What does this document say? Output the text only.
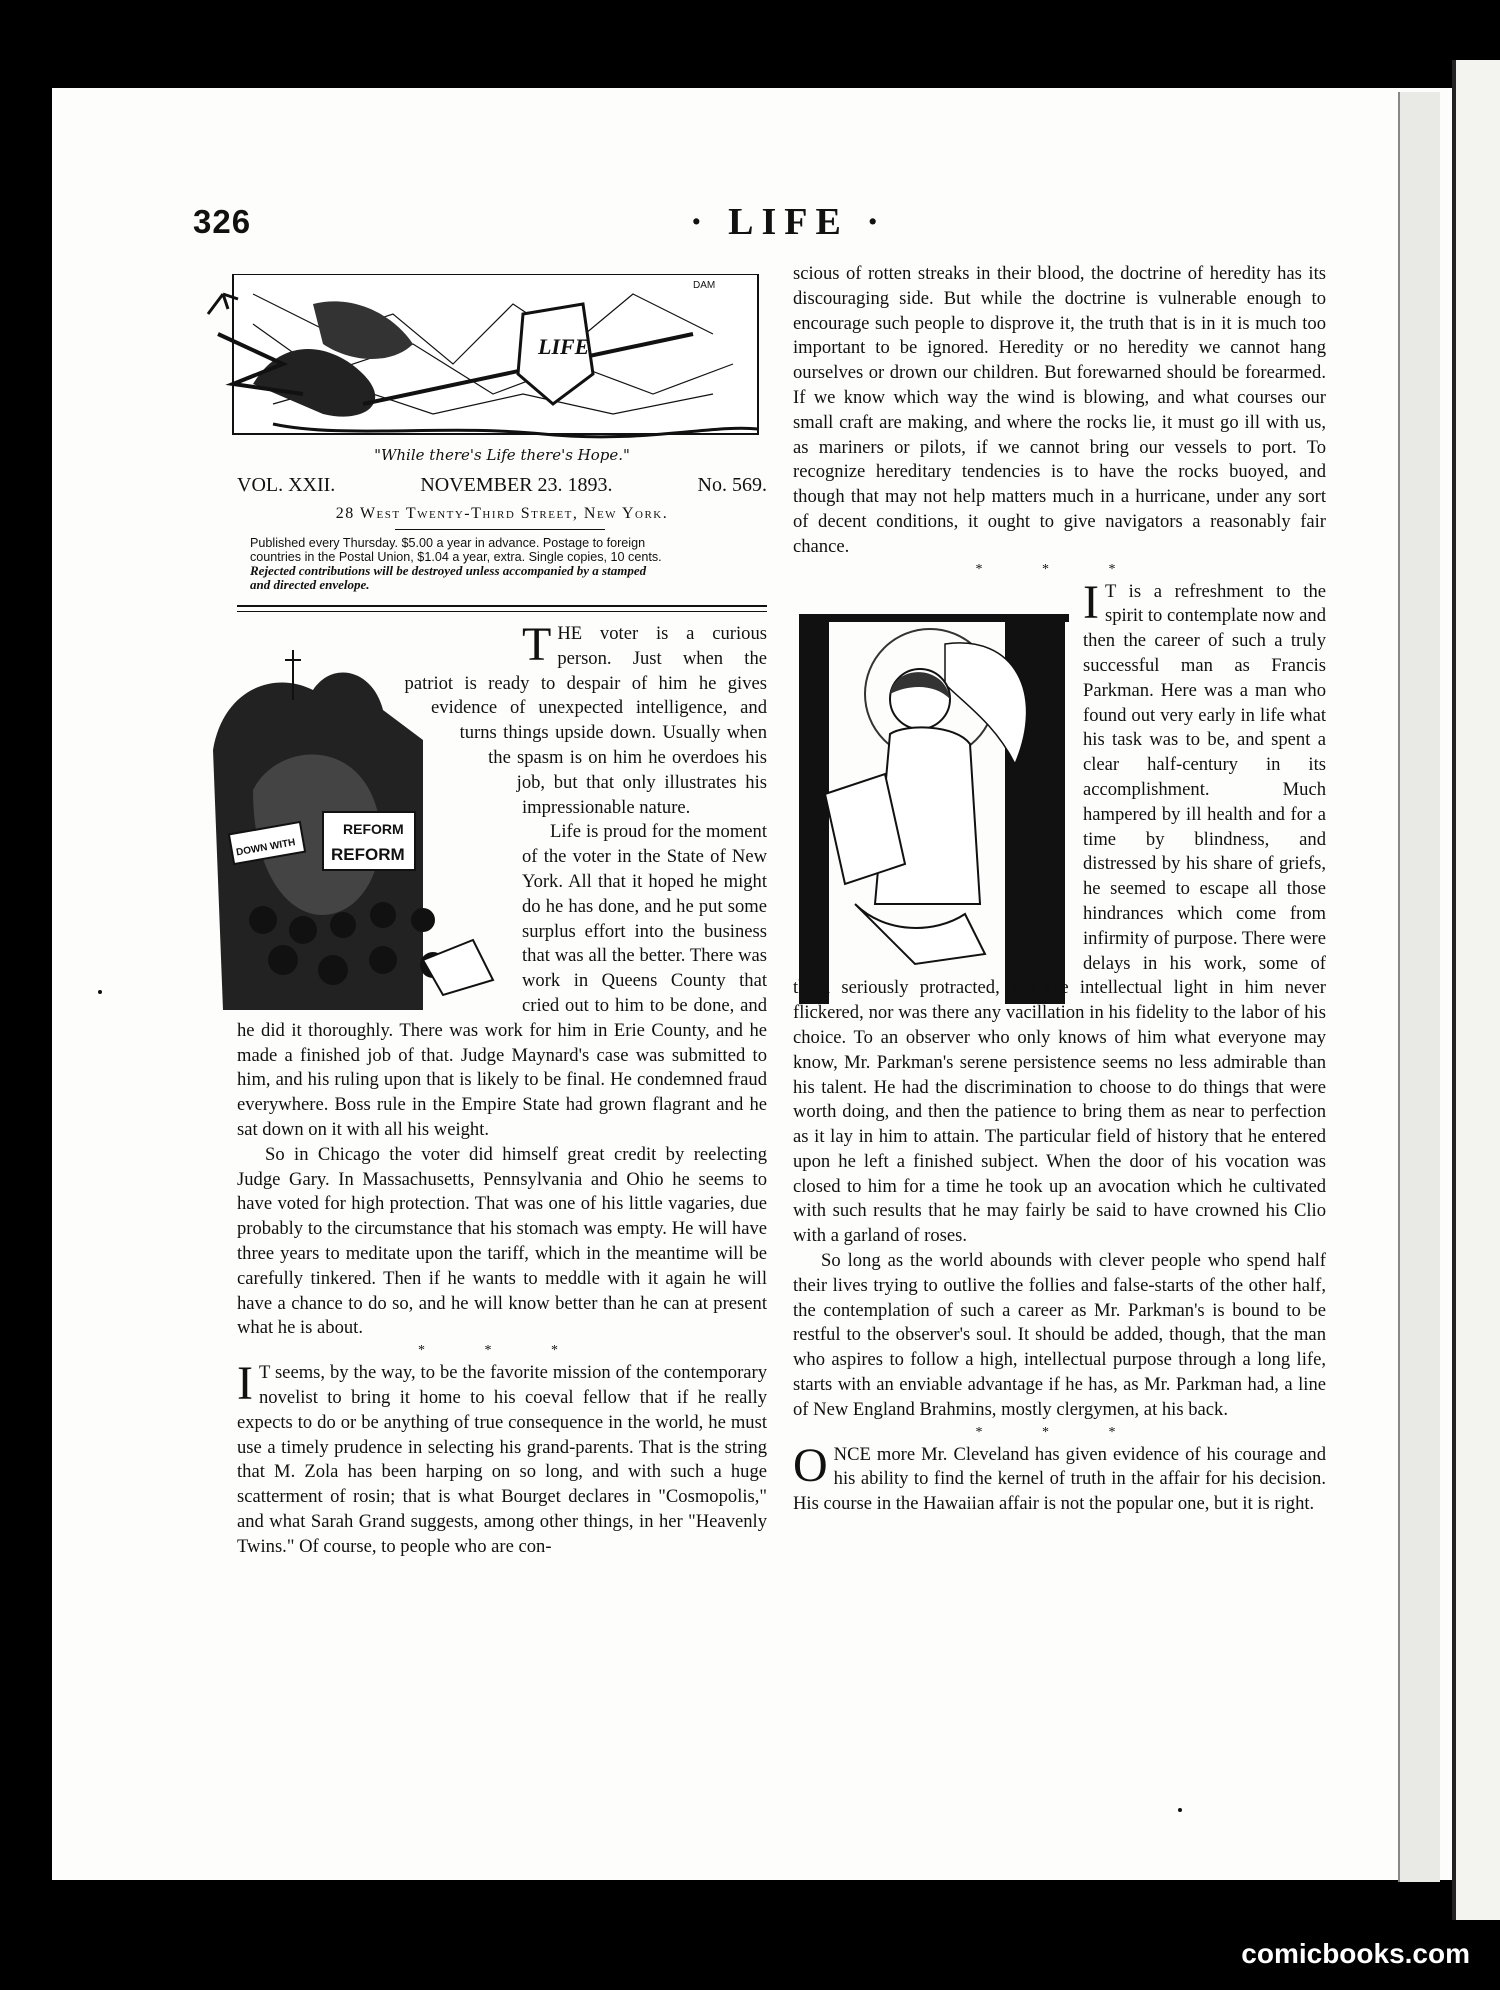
326	· LIFE ·
LIFE
DAM
"While there's Life there's Hope."
VOL. XXII.	NOVEMBER 23. 1893.	No. 569.
28 West Twenty-Third Street, New York.
Published every Thursday. $5.00 a year in advance. Postage to foreign
countries in the Postal Union, $1.04 a year, extra. Single copies, 10 cents.
Rejected contributions will be destroyed unless accompanied by a stamped
and directed envelope.
DOWN WITH
REFORM
REFORM

T HE voter is a curious person. Just when the patriot is ready to despair of him he gives evidence of unexpected intelligence, and turns things upside down. Usually when the spasm is on him he overdoes his job, but that only illustrates his impressionable nature.

Life is proud for the moment of the voter in the State of New York. All that it hoped he might do he has done, and he put some surplus effort into the business that was all the better. There was work in Queens County that cried out to him to be done, and he did it thoroughly. There was work for him in Erie County, and he made a finished job of that. Judge Maynard's case was submitted to him, and his ruling upon that is likely to be final. He condemned fraud everywhere. Boss rule in the Empire State had grown flagrant and he sat down on it with all his weight.

So in Chicago the voter did himself great credit by reelecting Judge Gary. In Massachusetts, Pennsylvania and Ohio he seems to have voted for high protection. That was one of his little vagaries, due probably to the circumstance that his stomach was empty. He will have three years to meditate upon the tariff, which in the meantime will be carefully tinkered. Then if he wants to meddle with it again he will have a chance to do so, and he will know better than he can at present what he is about.

* * *

I T seems, by the way, to be the favorite mission of the contemporary novelist to bring it home to his coeval fellow that if he really expects to do or be anything of true consequence in the world, he must use a timely prudence in selecting his grand-parents. That is the string that M. Zola has been harping on so long, and with such a huge scatterment of rosin; that is what Bourget declares in "Cosmopolis," and what Sarah Grand suggests, among other things, in her "Heavenly Twins." Of course, to people who are con-

scious of rotten streaks in their blood, the doctrine of heredity has its discouraging side. But while the doctrine is vulnerable enough to encourage such people to disprove it, the truth that is in it is much too important to be ignored. Heredity or no heredity we cannot hang ourselves or drown our children. But forewarned should be forearmed. If we know which way the wind is blowing, and what courses our small craft are making, and where the rocks lie, it must go ill with us, as mariners or pilots, if we cannot bring our vessels to port. To recognize hereditary tendencies is to have the rocks buoyed, and though that may not help matters much in a hurricane, under any sort of decent conditions, it ought to give navigators a reasonably fair chance.

* * *

I T is a refreshment to the spirit to contemplate now and then the career of such a truly successful man as Francis Parkman. Here was a man who found out very early in life what his task was to be, and spent a clear half-century in its accomplishment. Much hampered by ill health and for a time by blindness, and distressed by his share of griefs, he seemed to escape all those hindrances which come from infirmity of purpose. There were delays in his work, some of them seriously protracted, but the intellectual light in him never flickered, nor was there any vacillation in his fidelity to the labor of his choice. To an observer who only knows of him what everyone may know, Mr. Parkman's serene persistence seems no less admirable than his talent. He had the discrimination to choose to do things that were worth doing, and then the patience to bring them as near to perfection as it lay in him to attain. The particular field of history that he entered upon he left a finished subject. When the door of his vocation was closed to him for a time he took up an avocation which he cultivated with such results that he may fairly be said to have crowned his Clio with a garland of roses.

So long as the world abounds with clever people who spend half their lives trying to outlive the follies and false-starts of the other half, the contemplation of such a career as Mr. Parkman's is bound to be restful to the observer's soul. It should be added, though, that the man who aspires to follow a high, intellectual purpose through a long life, starts with an enviable advantage if he has, as Mr. Parkman had, a line of New England Brahmins, mostly clergymen, at his back.

* * *

O NCE more Mr. Cleveland has given evidence of his courage and his ability to find the kernel of truth in the affair for his decision. His course in the Hawaiian affair is not the popular one, but it is right.

comicbooks.com
